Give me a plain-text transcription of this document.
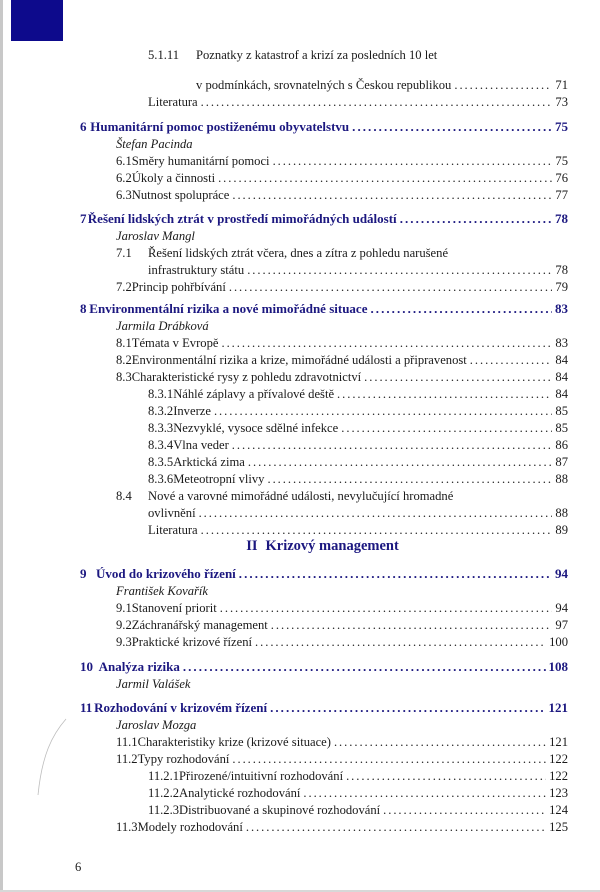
5.1.11 Poznatky z katastrof a krizí za posledních 10 let
v podmínkách, srovnatelných s Českou republikou . . .	71
Literatura . . .	73
6 Humanitární pomoc postiženému obyvatelstvu . . .	75
Štefan Pacinda
6.1 Směry humanitární pomoci . . .	75
6.2 Úkoly a činnosti . . .	76
6.3 Nutnost spolupráce . . .	77
7 Řešení lidských ztrát v prostředí mimořádných událostí . . .	78
Jaroslav Mangl
7.1	Řešení lidských ztrát včera, dnes a zítra z pohledu narušené
infrastruktury státu . . .	78
7.2 Princip pohřbívání . . .	79
8 Environmentální rizika a nové mimořádné situace . . .	83
Jarmila Drábková
8.1 Témata v Evropě . . .	83
8.2 Environmentální rizika a krize, mimořádné události a připravenost . . .	84
8.3 Charakteristické rysy z pohledu zdravotnictví . . .	84
8.3.1 Náhlé záplavy a přívalové deště . . .	84
8.3.2 Inverze . . .	85
8.3.3 Nezvyklé, vysoce sdělné infekce . . .	85
8.3.4 Vlna veder . . .	86
8.3.5 Arktická zima . . .	87
8.3.6 Meteotropní vlivy . . .	88
8.4	Nové a varovné mimořádné události, nevylučující hromadné
ovlivnění . . .	88
Literatura . . .	89
II Krizový management
9 Úvod do krizového řízení . . .	94
František Kovařík
9.1 Stanovení priorit . . .	94
9.2 Záchranářský management . . .	97
9.3 Praktické krizové řízení . . .	100
10 Analýza rizika . . .	108
Jarmil Valášek
11 Rozhodování v krizovém řízení . . .	121
Jaroslav Mozga
11.1 Charakteristiky krize (krizové situace) . . .	121
11.2 Typy rozhodování . . .	122
11.2.1 Přirozené/intuitivní rozhodování . . .	122
11.2.2 Analytické rozhodování . . .	123
11.2.3 Distribuované a skupinové rozhodování . . .	124
11.3 Modely rozhodování . . .	125
6
